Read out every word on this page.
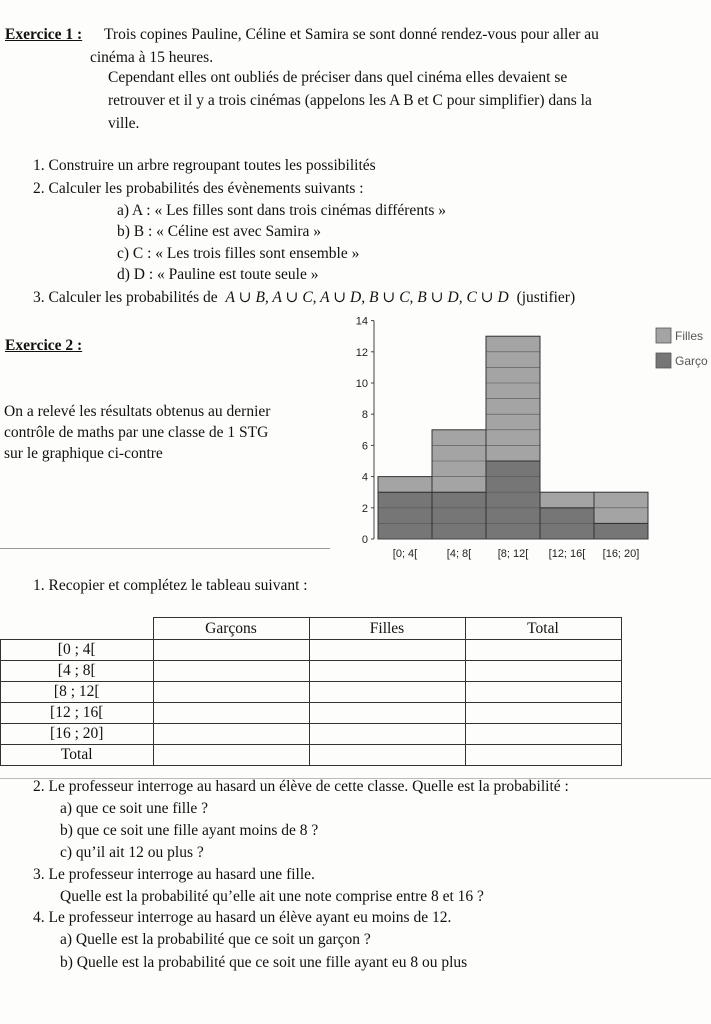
Exercice 1 : Trois copines Pauline, Céline et Samira se sont donné rendez-vous pour aller au
cinéma à 15 heures.
Cependant elles ont oubliés de préciser dans quel cinéma elles devaient se
retrouver et il y a trois cinémas (appelons les A B et C pour simplifier) dans la
ville.
1. Construire un arbre regroupant toutes les possibilités
2. Calculer les probabilités des évènements suivants :
a) A : « Les filles sont dans trois cinémas différents »
b) B : « Céline est avec Samira »
c) C : « Les trois filles sont ensemble »
d) D : « Pauline est toute seule »
3. Calculer les probabilités de A ∪ B, A ∪ C, A ∪ D, B ∪ C, B ∪ D, C ∪ D (justifier)
Exercice 2 :
On a relevé les résultats obtenus au dernier
contrôle de maths par une classe de 1 STG
sur le graphique ci-contre
0
2
4
6
8
10
12
14
[0; 4[	[4; 8[ [8; 12[ [12; 16[ [16; 20]
Filles
Garço
1. Recopier et complétez le tableau suivant :
	Garçons	Filles	Total
[0 ; 4[			
[4 ; 8[			
[8 ; 12[			
[12 ; 16[			
[16 ; 20]			
Total			
2. Le professeur interroge au hasard un élève de cette classe. Quelle est la probabilité :
a) que ce soit une fille ?
b) que ce soit une fille ayant moins de 8 ?
c) qu’il ait 12 ou plus ?
3. Le professeur interroge au hasard une fille.
Quelle est la probabilité qu’elle ait une note comprise entre 8 et 16 ?
4. Le professeur interroge au hasard un élève ayant eu moins de 12.
a) Quelle est la probabilité que ce soit un garçon ?
b) Quelle est la probabilité que ce soit une fille ayant eu 8 ou plus
